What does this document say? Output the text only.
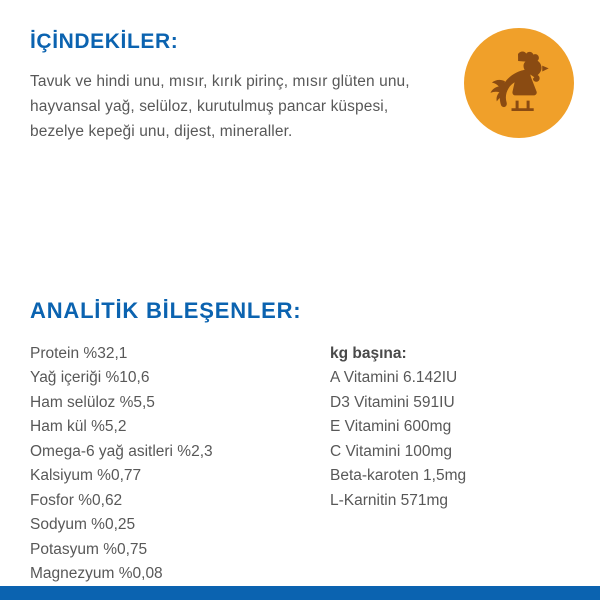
İÇİNDEKİLER:

Tavuk ve hindi unu, mısır, kırık pirinç, mısır glüten unu, hayvansal yağ, selüloz, kurutulmuş pancar küspesi, bezelye kepeği unu, dijest, mineraller.

ANALİTİK BİLEŞENLER:
Protein %32,1
Yağ içeriği %10,6
Ham selüloz %5,5
Ham kül %5,2
Omega-6 yağ asitleri %2,3
Kalsiyum %0,77
Fosfor %0,62
Sodyum %0,25
Potasyum %0,75
Magnezyum %0,08
kg başına:
A Vitamini 6.142IU
D3 Vitamini 591IU
E Vitamini 600mg
C Vitamini 100mg
Beta-karoten 1,5mg
L-Karnitin 571mg
